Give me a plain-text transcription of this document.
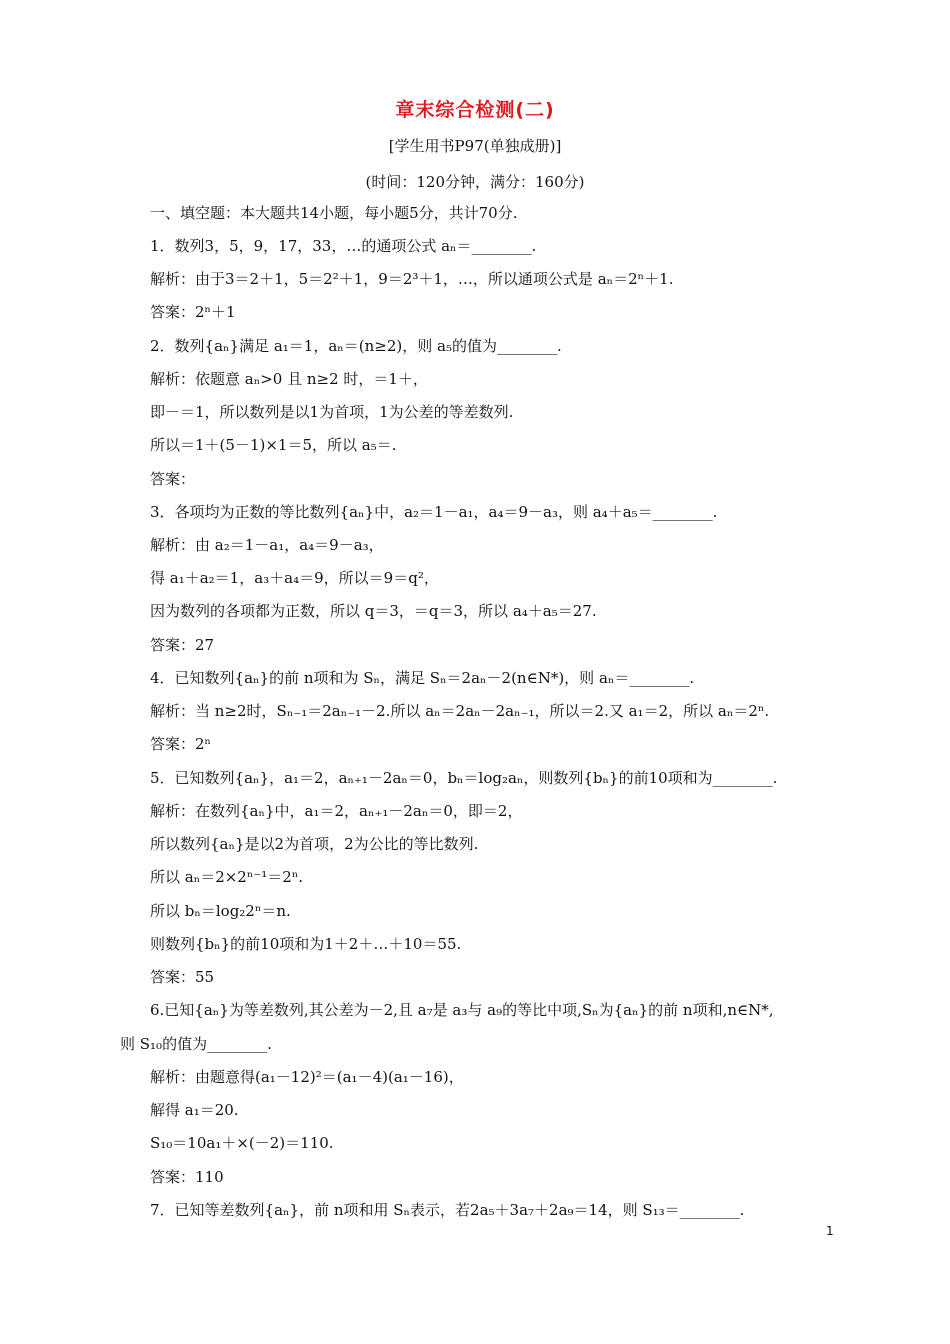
章末综合检测(二)
[学生用书P97(单独成册)]
(时间：120分钟，满分：160分)
一、填空题：本大题共14小题，每小题5分，共计70分.
1．数列3，5，9，17，33，…的通项公式 aₙ＝________.
解析：由于3＝2＋1，5＝2²＋1，9＝2³＋1，…，所以通项公式是 aₙ＝2ⁿ＋1.
答案：2ⁿ＋1
2．数列{aₙ}满足 a₁＝1，aₙ＝(n≥2)，则 a₅的值为________.
解析：依题意 aₙ>0 且 n≥2 时，＝1＋，
即－＝1，所以数列是以1为首项，1为公差的等差数列.
所以＝1＋(5－1)×1＝5，所以 a₅＝.
答案：
3．各项均为正数的等比数列{aₙ}中，a₂＝1－a₁，a₄＝9－a₃，则 a₄＋a₅＝________.
解析：由 a₂＝1－a₁，a₄＝9－a₃，
得 a₁＋a₂＝1，a₃＋a₄＝9，所以＝9＝q²，
因为数列的各项都为正数，所以 q＝3，＝q＝3，所以 a₄＋a₅＝27.
答案：27
4．已知数列{aₙ}的前 n项和为 Sₙ，满足 Sₙ＝2aₙ－2(n∈N*)，则 aₙ＝________.
解析：当 n≥2时，Sₙ₋₁＝2aₙ₋₁－2.所以 aₙ＝2aₙ－2aₙ₋₁，所以＝2.又 a₁＝2，所以 aₙ＝2ⁿ.
答案：2ⁿ
5．已知数列{aₙ}，a₁＝2，aₙ₊₁－2aₙ＝0，bₙ＝log₂aₙ，则数列{bₙ}的前10项和为________.
解析：在数列{aₙ}中，a₁＝2，aₙ₊₁－2aₙ＝0，即＝2，
所以数列{aₙ}是以2为首项，2为公比的等比数列.
所以 aₙ＝2×2ⁿ⁻¹＝2ⁿ.
所以 bₙ＝log₂2ⁿ＝n.
则数列{bₙ}的前10项和为1＋2＋…＋10＝55.
答案：55
6.已知{aₙ}为等差数列,其公差为－2,且 a₇是 a₃与 a₉的等比中项,Sₙ为{aₙ}的前 n项和,n∈N*,
则 S₁₀的值为________.
解析：由题意得(a₁－12)²＝(a₁－4)(a₁－16)，
解得 a₁＝20.
S₁₀＝10a₁＋×(－2)＝110.
答案：110
7．已知等差数列{aₙ}，前 n项和用 Sₙ表示，若2a₅＋3a₇＋2a₉＝14，则 S₁₃＝________.
1
